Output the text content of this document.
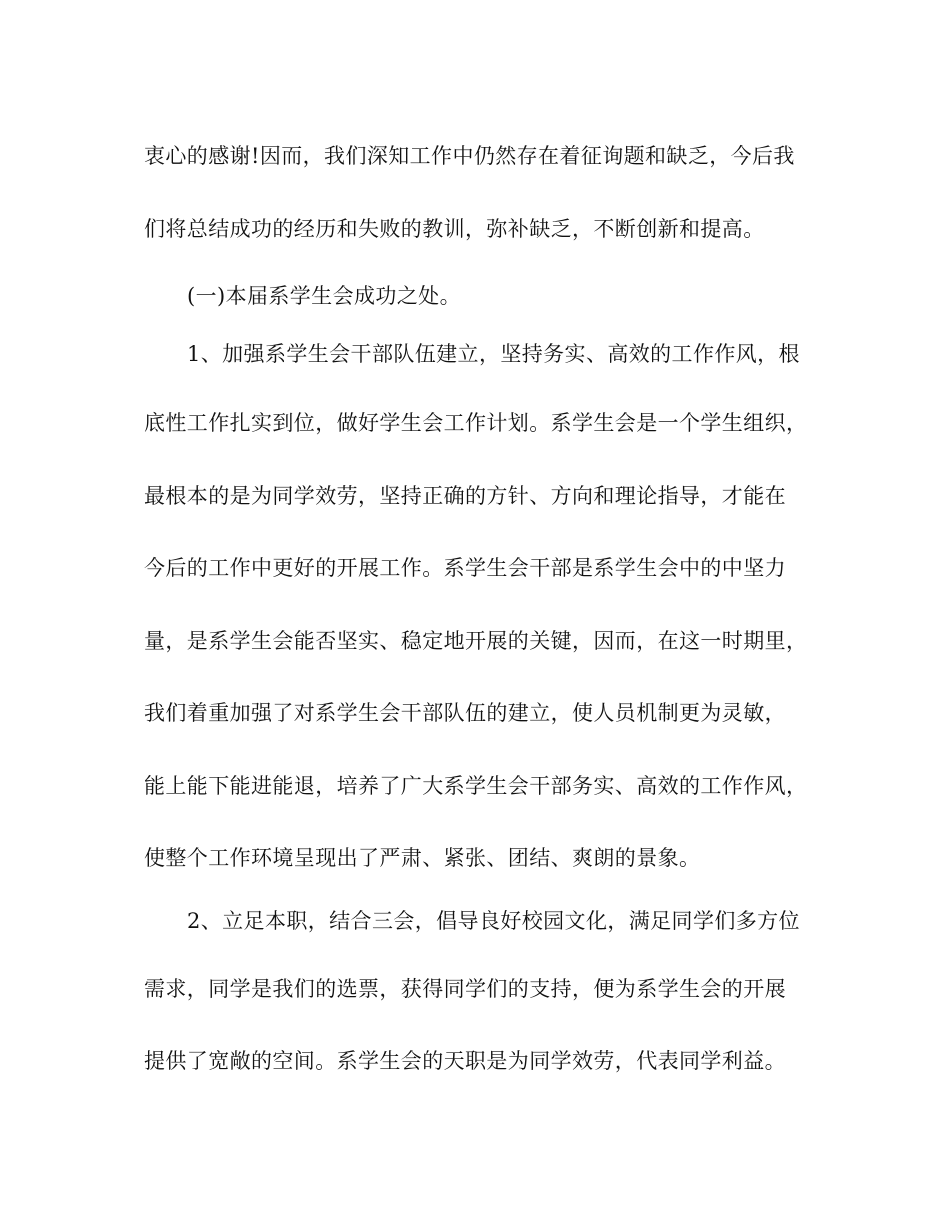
衷心的感谢!因而，我们深知工作中仍然存在着征询题和缺乏，今后我
们将总结成功的经历和失败的教训，弥补缺乏，不断创新和提高。
(一)本届系学生会成功之处。
1、加强系学生会干部队伍建立，坚持务实、高效的工作作风，根
底性工作扎实到位，做好学生会工作计划。系学生会是一个学生组织，
最根本的是为同学效劳，坚持正确的方针、方向和理论指导，才能在
今后的工作中更好的开展工作。系学生会干部是系学生会中的中坚力
量，是系学生会能否坚实、稳定地开展的关键，因而，在这一时期里，
我们着重加强了对系学生会干部队伍的建立，使人员机制更为灵敏，
能上能下能进能退，培养了广大系学生会干部务实、高效的工作作风，
使整个工作环境呈现出了严肃、紧张、团结、爽朗的景象。
2、立足本职，结合三会，倡导良好校园文化，满足同学们多方位
需求，同学是我们的选票，获得同学们的支持，便为系学生会的开展
提供了宽敞的空间。系学生会的天职是为同学效劳，代表同学利益。
